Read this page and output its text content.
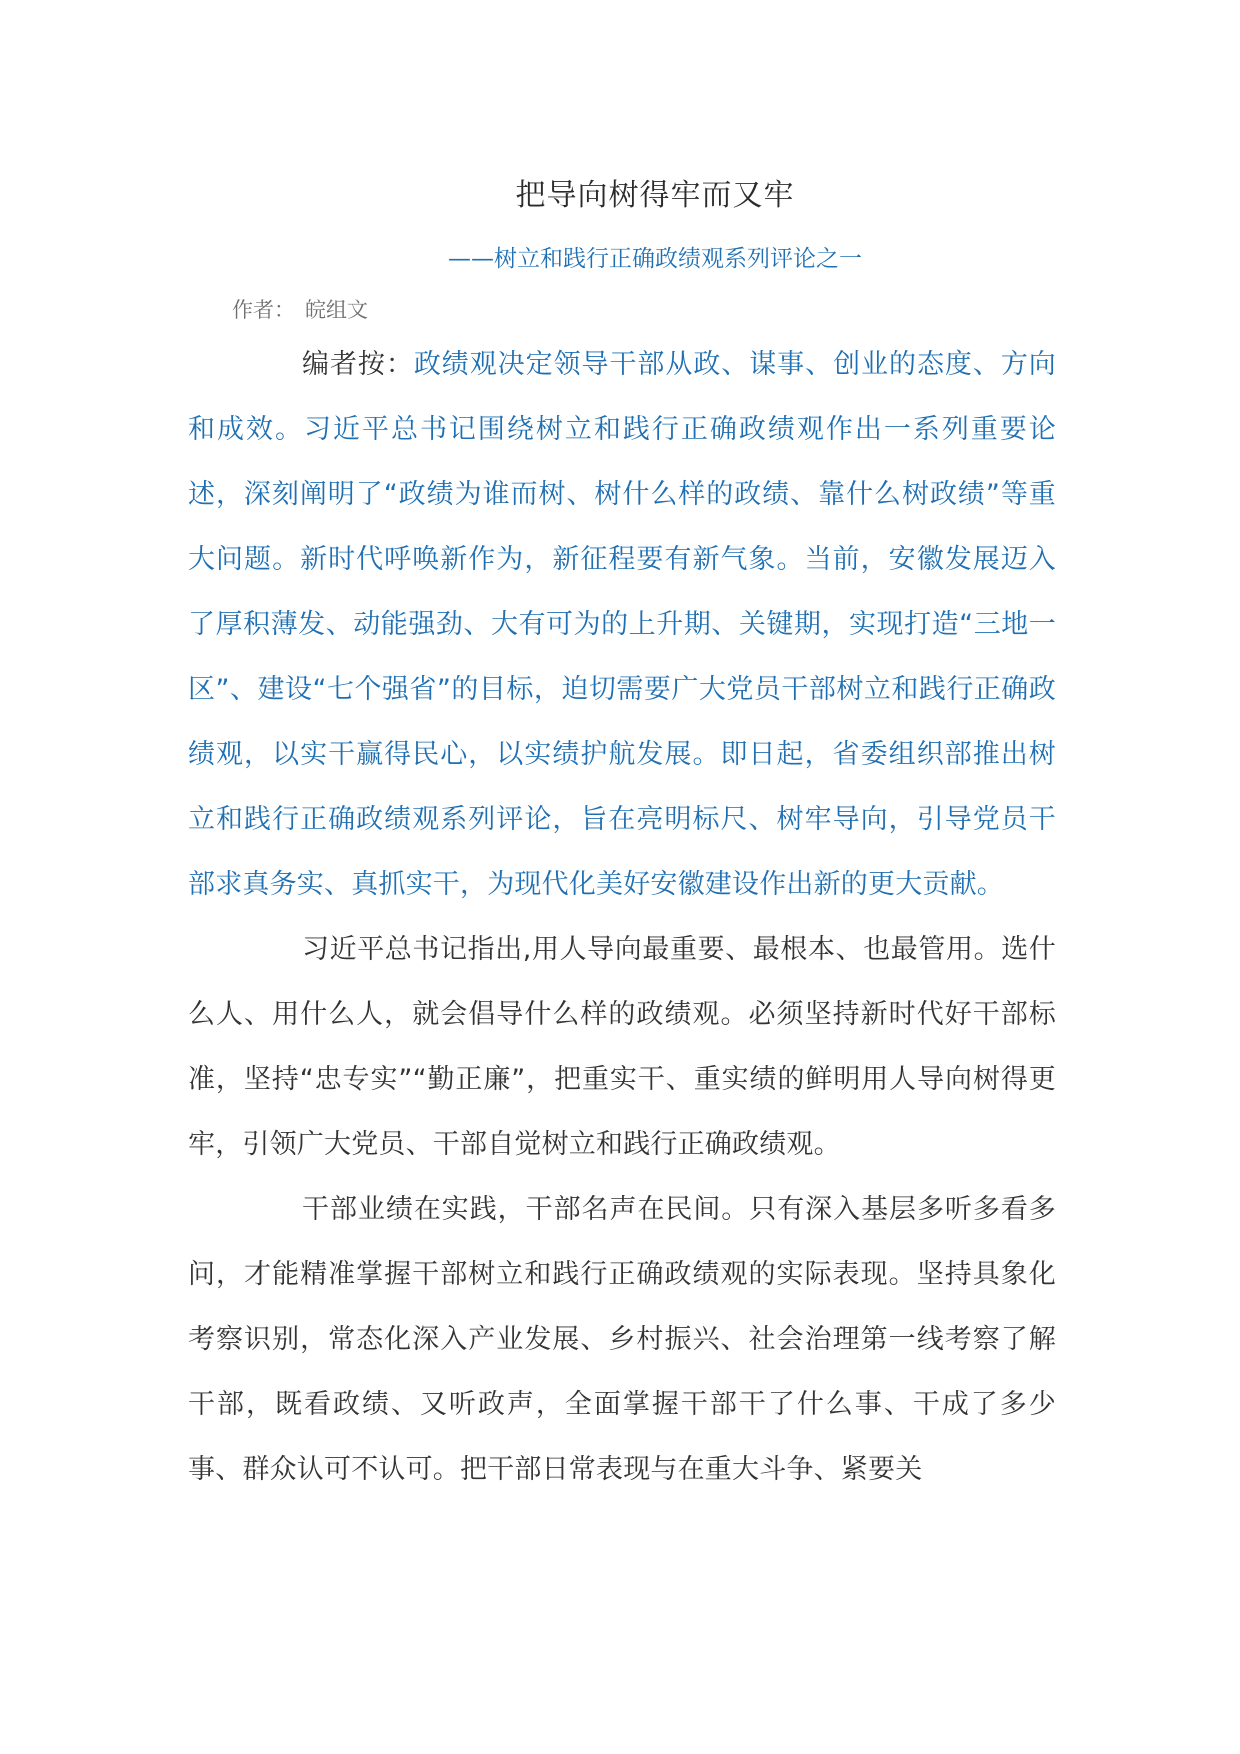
把导向树得牢而又牢
——树立和践行正确政绩观系列评论之一
作者： 皖组文

编者按：政绩观决定领导干部从政、谋事、创业的态度、方向和成效。习近平总书记围绕树立和践行正确政绩观作出一系列重要论述，深刻阐明了“政绩为谁而树、树什么样的政绩、靠什么树政绩”等重大问题。新时代呼唤新作为，新征程要有新气象。当前，安徽发展迈入了厚积薄发、动能强劲、大有可为的上升期、关键期，实现打造“三地一区”、建设“七个强省”的目标，迫切需要广大党员干部树立和践行正确政绩观，以实干赢得民心，以实绩护航发展。即日起，省委组织部推出树立和践行正确政绩观系列评论，旨在亮明标尺、树牢导向，引导党员干部求真务实、真抓实干，为现代化美好安徽建设作出新的更大贡献。

习近平总书记指出,用人导向最重要、最根本、也最管用。选什么人、用什么人，就会倡导什么样的政绩观。必须坚持新时代好干部标准，坚持“忠专实”“勤正廉”，把重实干、重实绩的鲜明用人导向树得更牢，引领广大党员、干部自觉树立和践行正确政绩观。

干部业绩在实践，干部名声在民间。只有深入基层多听多看多问，才能精准掌握干部树立和践行正确政绩观的实际表现。坚持具象化考察识别，常态化深入产业发展、乡村振兴、社会治理第一线考察了解干部，既看政绩、又听政声，全面掌握干部干了什么事、干成了多少事、群众认可不认可。把干部日常表现与在重大斗争、紧要关
